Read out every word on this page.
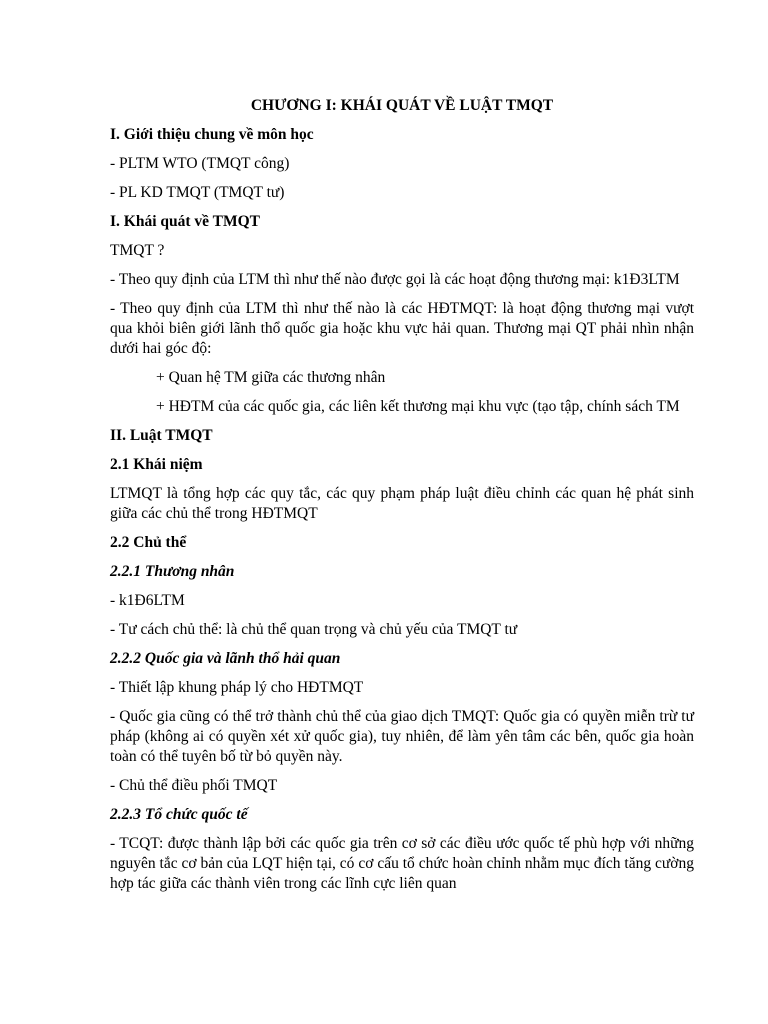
CHƯƠNG I: KHÁI QUÁT VỀ LUẬT TMQT

I. Giới thiệu chung về môn học

- PLTM WTO (TMQT công)

- PL KD TMQT (TMQT tư)

I. Khái quát về TMQT

TMQT ?

- Theo quy định của LTM thì như thế nào được gọi là các hoạt động thương mại: k1Đ3LTM

- Theo quy định của LTM thì như thế nào là các HĐTMQT: là hoạt động thương mại vượt qua khỏi biên giới lãnh thổ quốc gia hoặc khu vực hải quan. Thương mại QT phải nhìn nhận dưới hai góc độ:

+ Quan hệ TM giữa các thương nhân

+ HĐTM của các quốc gia, các liên kết thương mại khu vực (tạo tập, chính sách TM

II. Luật TMQT

2.1 Khái niệm

LTMQT là tổng hợp các quy tắc, các quy phạm pháp luật điều chỉnh các quan hệ phát sinh giữa các chủ thể trong HĐTMQT

2.2 Chủ thể

2.2.1 Thương nhân

- k1Đ6LTM

- Tư cách chủ thể: là chủ thể quan trọng và chủ yếu của TMQT tư

2.2.2 Quốc gia và lãnh thổ hải quan

- Thiết lập khung pháp lý cho HĐTMQT

- Quốc gia cũng có thể trở thành chủ thể của giao dịch TMQT: Quốc gia có quyền miễn trừ tư pháp (không ai có quyền xét xử quốc gia), tuy nhiên, để làm yên tâm các bên, quốc gia hoàn toàn có thể tuyên bố từ bỏ quyền này.

- Chủ thể điều phối TMQT

2.2.3 Tổ chức quốc tế

- TCQT: được thành lập bởi các quốc gia trên cơ sở các điều ước quốc tế phù hợp với những nguyên tắc cơ bản của LQT hiện tại, có cơ cấu tổ chức hoàn chỉnh nhằm mục đích tăng cường hợp tác giữa các thành viên trong các lĩnh cực liên quan
